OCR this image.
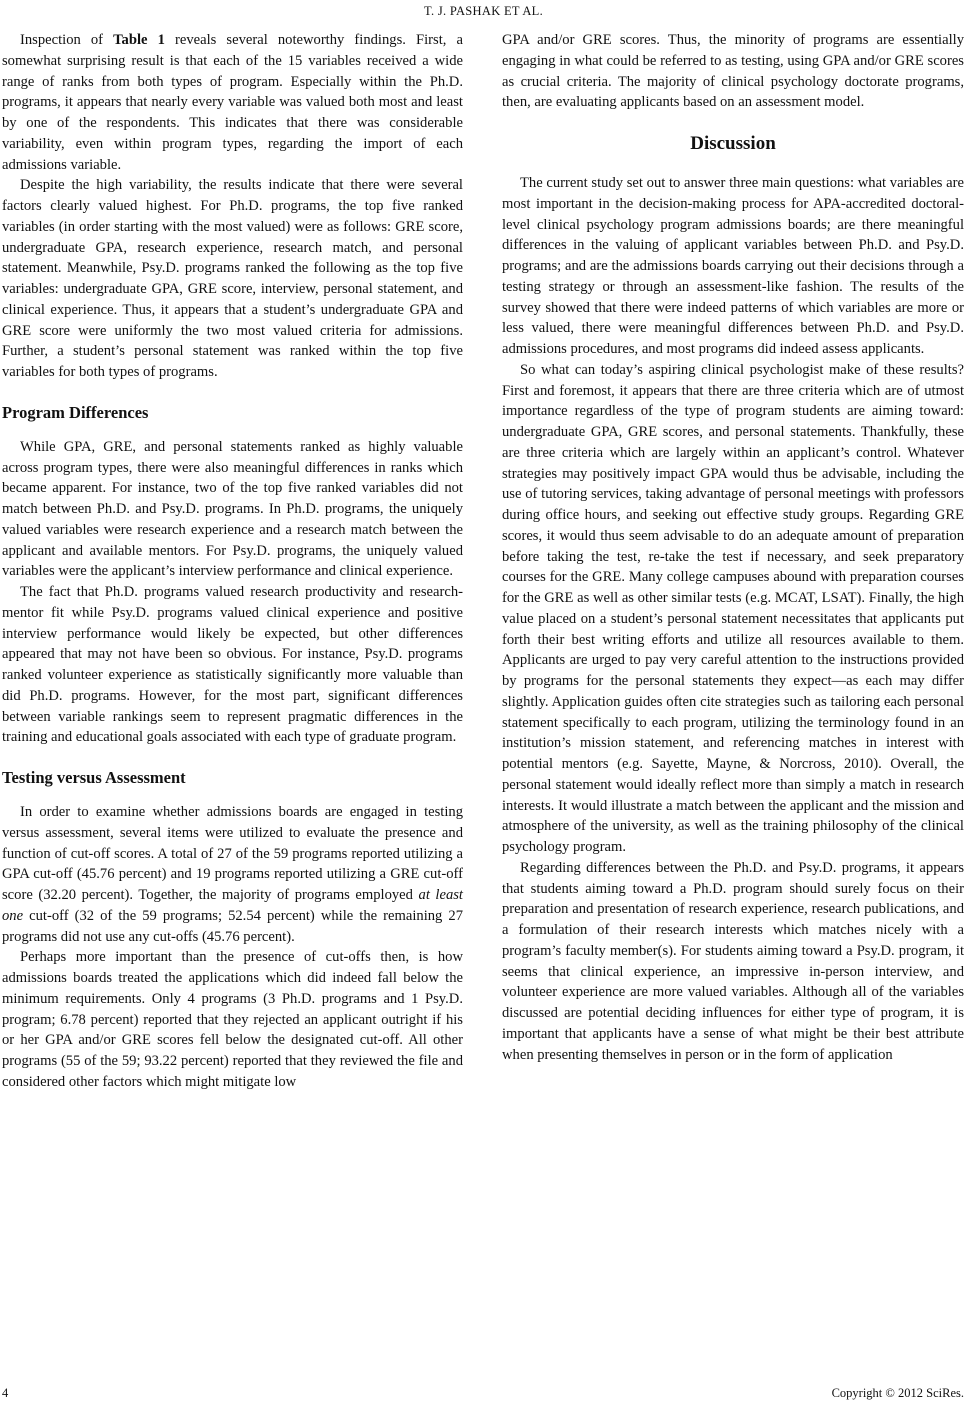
T. J. PASHAK ET AL.

Inspection of Table 1 reveals several noteworthy findings. First, a somewhat surprising result is that each of the 15 variables received a wide range of ranks from both types of program. Especially within the Ph.D. programs, it appears that nearly every variable was valued both most and least by one of the respondents. This indicates that there was considerable variability, even within program types, regarding the import of each admissions variable.

Despite the high variability, the results indicate that there were several factors clearly valued highest. For Ph.D. programs, the top five ranked variables (in order starting with the most valued) were as follows: GRE score, undergraduate GPA, research experience, research match, and personal statement. Meanwhile, Psy.D. programs ranked the following as the top five variables: undergraduate GPA, GRE score, interview, personal statement, and clinical experience. Thus, it appears that a student’s undergraduate GPA and GRE score were uniformly the two most valued criteria for admissions. Further, a student’s personal statement was ranked within the top five variables for both types of programs.

Program Differences

While GPA, GRE, and personal statements ranked as highly valuable across program types, there were also meaningful differences in ranks which became apparent. For instance, two of the top five ranked variables did not match between Ph.D. and Psy.D. programs. In Ph.D. programs, the uniquely valued variables were research experience and a research match between the applicant and available mentors. For Psy.D. programs, the uniquely valued variables were the applicant’s interview performance and clinical experience.

The fact that Ph.D. programs valued research productivity and research-mentor fit while Psy.D. programs valued clinical experience and positive interview performance would likely be expected, but other differences appeared that may not have been so obvious. For instance, Psy.D. programs ranked volunteer experience as statistically significantly more valuable than did Ph.D. programs. However, for the most part, significant differences between variable rankings seem to represent pragmatic differences in the training and educational goals associated with each type of graduate program.

Testing versus Assessment

In order to examine whether admissions boards are engaged in testing versus assessment, several items were utilized to evaluate the presence and function of cut-off scores. A total of 27 of the 59 programs reported utilizing a GPA cut-off (45.76 percent) and 19 programs reported utilizing a GRE cut-off score (32.20 percent). Together, the majority of programs employed at least one cut-off (32 of the 59 programs; 52.54 percent) while the remaining 27 programs did not use any cut-offs (45.76 percent).

Perhaps more important than the presence of cut-offs then, is how admissions boards treated the applications which did indeed fall below the minimum requirements. Only 4 programs (3 Ph.D. programs and 1 Psy.D. program; 6.78 percent) reported that they rejected an applicant outright if his or her GPA and/or GRE scores fell below the designated cut-off. All other programs (55 of the 59; 93.22 percent) reported that they reviewed the file and considered other factors which might mitigate low

GPA and/or GRE scores. Thus, the minority of programs are essentially engaging in what could be referred to as testing, using GPA and/or GRE scores as crucial criteria. The majority of clinical psychology doctorate programs, then, are evaluating applicants based on an assessment model.

Discussion

The current study set out to answer three main questions: what variables are most important in the decision-making process for APA-accredited doctoral-level clinical psychology program admissions boards; are there meaningful differences in the valuing of applicant variables between Ph.D. and Psy.D. programs; and are the admissions boards carrying out their decisions through a testing strategy or through an assessment-like fashion. The results of the survey showed that there were indeed patterns of which variables are more or less valued, there were meaningful differences between Ph.D. and Psy.D. admissions procedures, and most programs did indeed assess applicants.

So what can today’s aspiring clinical psychologist make of these results? First and foremost, it appears that there are three criteria which are of utmost importance regardless of the type of program students are aiming toward: undergraduate GPA, GRE scores, and personal statements. Thankfully, these are three criteria which are largely within an applicant’s control. Whatever strategies may positively impact GPA would thus be advisable, including the use of tutoring services, taking advantage of personal meetings with professors during office hours, and seeking out effective study groups. Regarding GRE scores, it would thus seem advisable to do an adequate amount of preparation before taking the test, re-take the test if necessary, and seek preparatory courses for the GRE. Many college campuses abound with preparation courses for the GRE as well as other similar tests (e.g. MCAT, LSAT). Finally, the high value placed on a student’s personal statement necessitates that applicants put forth their best writing efforts and utilize all resources available to them. Applicants are urged to pay very careful attention to the instructions provided by programs for the personal statements they expect—as each may differ slightly. Application guides often cite strategies such as tailoring each personal statement specifically to each program, utilizing the terminology found in an institution’s mission statement, and referencing matches in interest with potential mentors (e.g. Sayette, Mayne, & Norcross, 2010). Overall, the personal statement would ideally reflect more than simply a match in research interests. It would illustrate a match between the applicant and the mission and atmosphere of the university, as well as the training philosophy of the clinical psychology program.

Regarding differences between the Ph.D. and Psy.D. programs, it appears that students aiming toward a Ph.D. program should surely focus on their preparation and presentation of research experience, research publications, and a formulation of their research interests which matches nicely with a program’s faculty member(s). For students aiming toward a Psy.D. program, it seems that clinical experience, an impressive in-person interview, and volunteer experience are more valued variables. Although all of the variables discussed are potential deciding influences for either type of program, it is important that applicants have a sense of what might be their best attribute when presenting themselves in person or in the form of application

4	Copyright © 2012 SciRes.
